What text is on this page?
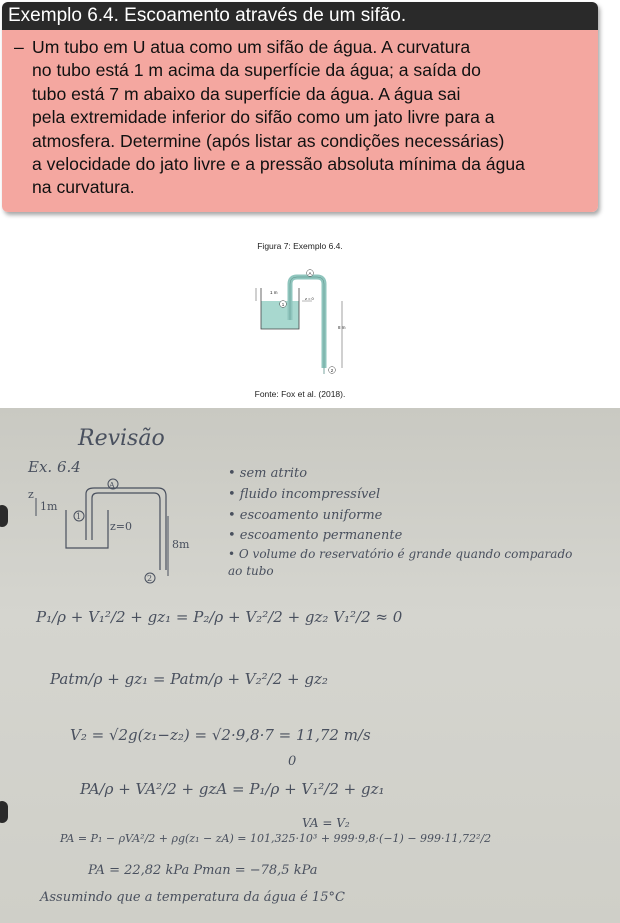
Exemplo 6.4. Escoamento através de um sifão.
– Um tubo em U atua como um sifão de água. A curvatura
no tubo está 1 m acima da superfície da água; a saída do
tubo está 7 m abaixo da superfície da água. A água sai
pela extremidade inferior do sifão como um jato livre para a
atmosfera. Determine (após listar as condições necessárias)
a velocidade do jato livre e a pressão absoluta mínima da água
na curvatura.
Figura 7: Exemplo 6.4.
1 m
z = 0
8 m
A
1
2
Fonte: Fox et al. (2018).
Revisão
Ex. 6.4
z
1m
z=0
8m
A
1
2
• sem atrito
• fluido incompressível
• escoamento uniforme
• escoamento permanente
• O volume do reservatório é grande quando comparado
ao tubo
P₁/ρ + V₁²/2 + gz₁ = P₂/ρ + V₂²/2 + gz₂ V₁²/2 ≈ 0
Patm/ρ + gz₁ = Patm/ρ + V₂²/2 + gz₂
V₂ = √2g(z₁−z₂) = √2·9,8·7 = 11,72 m/s
0
PA/ρ + VA²/2 + gzA = P₁/ρ + V₁²/2 + gz₁
VA = V₂
PA = P₁ − ρVA²/2 + ρg(z₁ − zA) = 101,325·10³ + 999·9,8·(−1) − 999·11,72²/2
PA = 22,82 kPa Pman = −78,5 kPa
Assumindo que a temperatura da água é 15°C
